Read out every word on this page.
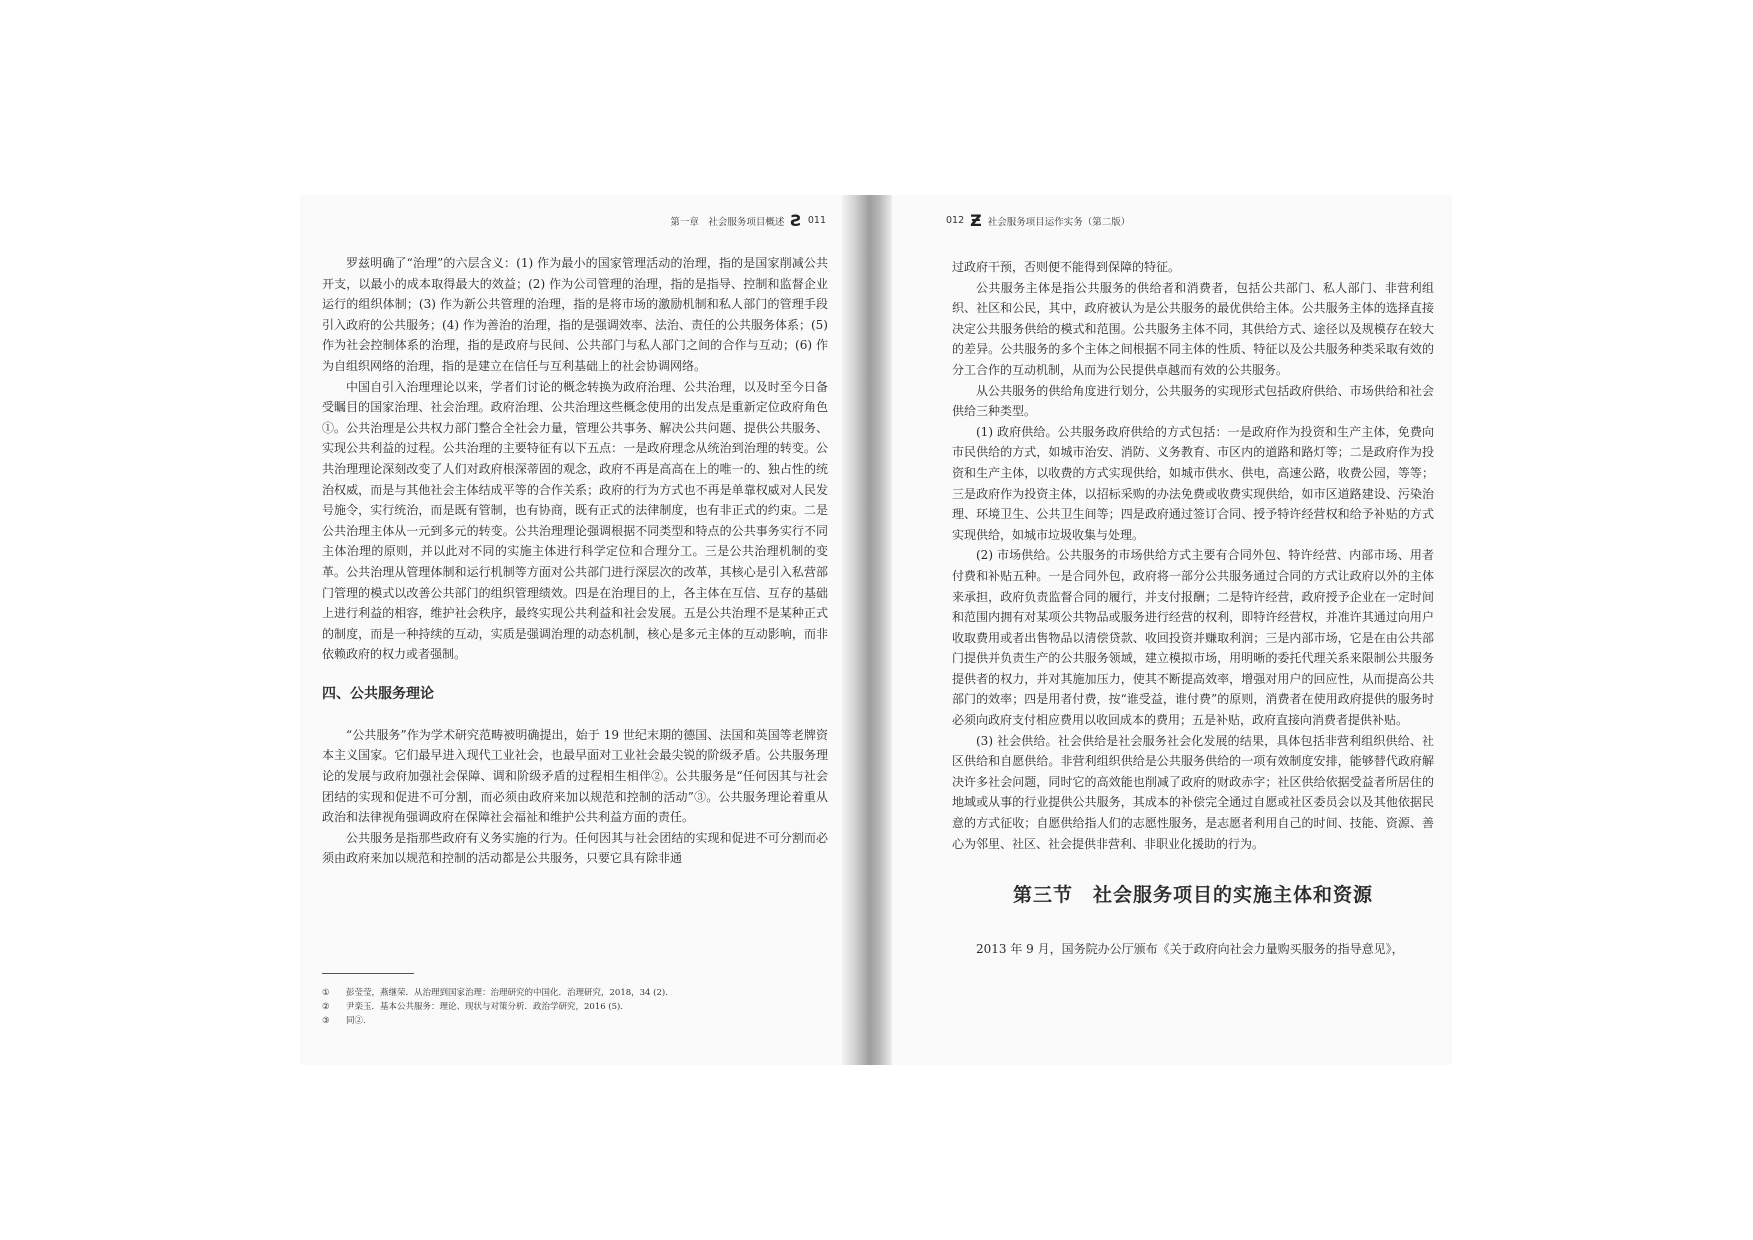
第一章　社会服务项目概述 Ƨ 011

罗兹明确了“治理”的六层含义：(1) 作为最小的国家管理活动的治理，指的是国家削减公共开支，以最小的成本取得最大的效益；(2) 作为公司管理的治理，指的是指导、控制和监督企业运行的组织体制；(3) 作为新公共管理的治理，指的是将市场的激励机制和私人部门的管理手段引入政府的公共服务；(4) 作为善治的治理，指的是强调效率、法治、责任的公共服务体系；(5) 作为社会控制体系的治理，指的是政府与民间、公共部门与私人部门之间的合作与互动；(6) 作为自组织网络的治理，指的是建立在信任与互利基础上的社会协调网络。

中国自引入治理理论以来，学者们讨论的概念转换为政府治理、公共治理，以及时至今日备受瞩目的国家治理、社会治理。政府治理、公共治理这些概念使用的出发点是重新定位政府角色①。公共治理是公共权力部门整合全社会力量，管理公共事务、解决公共问题、提供公共服务、实现公共利益的过程。公共治理的主要特征有以下五点：一是政府理念从统治到治理的转变。公共治理理论深刻改变了人们对政府根深蒂固的观念，政府不再是高高在上的唯一的、独占性的统治权威，而是与其他社会主体结成平等的合作关系；政府的行为方式也不再是单靠权威对人民发号施令，实行统治，而是既有管制，也有协商，既有正式的法律制度，也有非正式的约束。二是公共治理主体从一元到多元的转变。公共治理理论强调根据不同类型和特点的公共事务实行不同主体治理的原则，并以此对不同的实施主体进行科学定位和合理分工。三是公共治理机制的变革。公共治理从管理体制和运行机制等方面对公共部门进行深层次的改革，其核心是引入私营部门管理的模式以改善公共部门的组织管理绩效。四是在治理目的上，各主体在互信、互存的基础上进行利益的相容，维护社会秩序，最终实现公共利益和社会发展。五是公共治理不是某种正式的制度，而是一种持续的互动，实质是强调治理的动态机制，核心是多元主体的互动影响，而非依赖政府的权力或者强制。

四、公共服务理论

“公共服务”作为学术研究范畴被明确提出，始于 19 世纪末期的德国、法国和英国等老牌资本主义国家。它们最早进入现代工业社会，也最早面对工业社会最尖锐的阶级矛盾。公共服务理论的发展与政府加强社会保障、调和阶级矛盾的过程相生相伴②。公共服务是“任何因其与社会团结的实现和促进不可分割，而必须由政府来加以规范和控制的活动”③。公共服务理论着重从政治和法律视角强调政府在保障社会福祉和维护公共利益方面的责任。

公共服务是指那些政府有义务实施的行为。任何因其与社会团结的实现和促进不可分割而必须由政府来加以规范和控制的活动都是公共服务，只要它具有除非通

① 彭莹莹，燕继荣．从治理到国家治理：治理研究的中国化．治理研究，2018，34 (2).
② 尹栾玉．基本公共服务：理论、现状与对策分析．政治学研究，2016 (5).
③ 同②.
012 Ƶ 社会服务项目运作实务（第二版）

过政府干预，否则便不能得到保障的特征。

公共服务主体是指公共服务的供给者和消费者，包括公共部门、私人部门、非营利组织、社区和公民，其中，政府被认为是公共服务的最优供给主体。公共服务主体的选择直接决定公共服务供给的模式和范围。公共服务主体不同，其供给方式、途径以及规模存在较大的差异。公共服务的多个主体之间根据不同主体的性质、特征以及公共服务种类采取有效的分工合作的互动机制，从而为公民提供卓越而有效的公共服务。

从公共服务的供给角度进行划分，公共服务的实现形式包括政府供给、市场供给和社会供给三种类型。

(1) 政府供给。公共服务政府供给的方式包括：一是政府作为投资和生产主体，免费向市民供给的方式，如城市治安、消防、义务教育、市区内的道路和路灯等；二是政府作为投资和生产主体，以收费的方式实现供给，如城市供水、供电，高速公路，收费公园，等等；三是政府作为投资主体，以招标采购的办法免费或收费实现供给，如市区道路建设、污染治理、环境卫生、公共卫生间等；四是政府通过签订合同、授予特许经营权和给予补贴的方式实现供给，如城市垃圾收集与处理。

(2) 市场供给。公共服务的市场供给方式主要有合同外包、特许经营、内部市场、用者付费和补贴五种。一是合同外包，政府将一部分公共服务通过合同的方式让政府以外的主体来承担，政府负责监督合同的履行，并支付报酬；二是特许经营，政府授予企业在一定时间和范围内拥有对某项公共物品或服务进行经营的权利，即特许经营权，并准许其通过向用户收取费用或者出售物品以清偿贷款、收回投资并赚取利润；三是内部市场，它是在由公共部门提供并负责生产的公共服务领域，建立模拟市场，用明晰的委托代理关系来限制公共服务提供者的权力，并对其施加压力，使其不断提高效率，增强对用户的回应性，从而提高公共部门的效率；四是用者付费，按“谁受益，谁付费”的原则，消费者在使用政府提供的服务时必须向政府支付相应费用以收回成本的费用；五是补贴，政府直接向消费者提供补贴。

(3) 社会供给。社会供给是社会服务社会化发展的结果，具体包括非营利组织供给、社区供给和自愿供给。非营利组织供给是公共服务供给的一项有效制度安排，能够替代政府解决许多社会问题，同时它的高效能也削减了政府的财政赤字；社区供给依据受益者所居住的地域或从事的行业提供公共服务，其成本的补偿完全通过自愿或社区委员会以及其他依据民意的方式征收；自愿供给指人们的志愿性服务，是志愿者利用自己的时间、技能、资源、善心为邻里、社区、社会提供非营利、非职业化援助的行为。

第三节　社会服务项目的实施主体和资源

2013 年 9 月，国务院办公厅颁布《关于政府向社会力量购买服务的指导意见》，
